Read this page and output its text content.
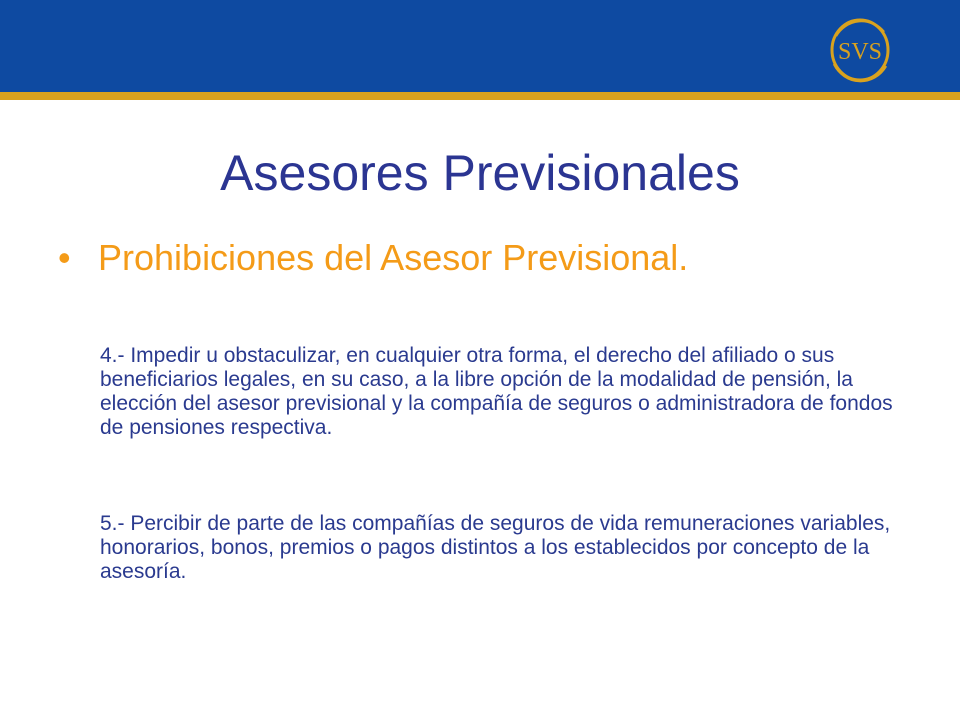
SVS
Asesores Previsionales
• Prohibiciones del Asesor Previsional.

4.- Impedir u obstaculizar, en cualquier otra forma, el derecho del afiliado o sus beneficiarios legales, en su caso, a la libre opción de la modalidad de pensión, la elección del asesor previsional y la compañía de seguros o administradora de fondos de pensiones respectiva.

5.- Percibir de parte de las compañías de seguros de vida remuneraciones variables, honorarios, bonos, premios o pagos distintos a los establecidos por concepto de la asesoría.
